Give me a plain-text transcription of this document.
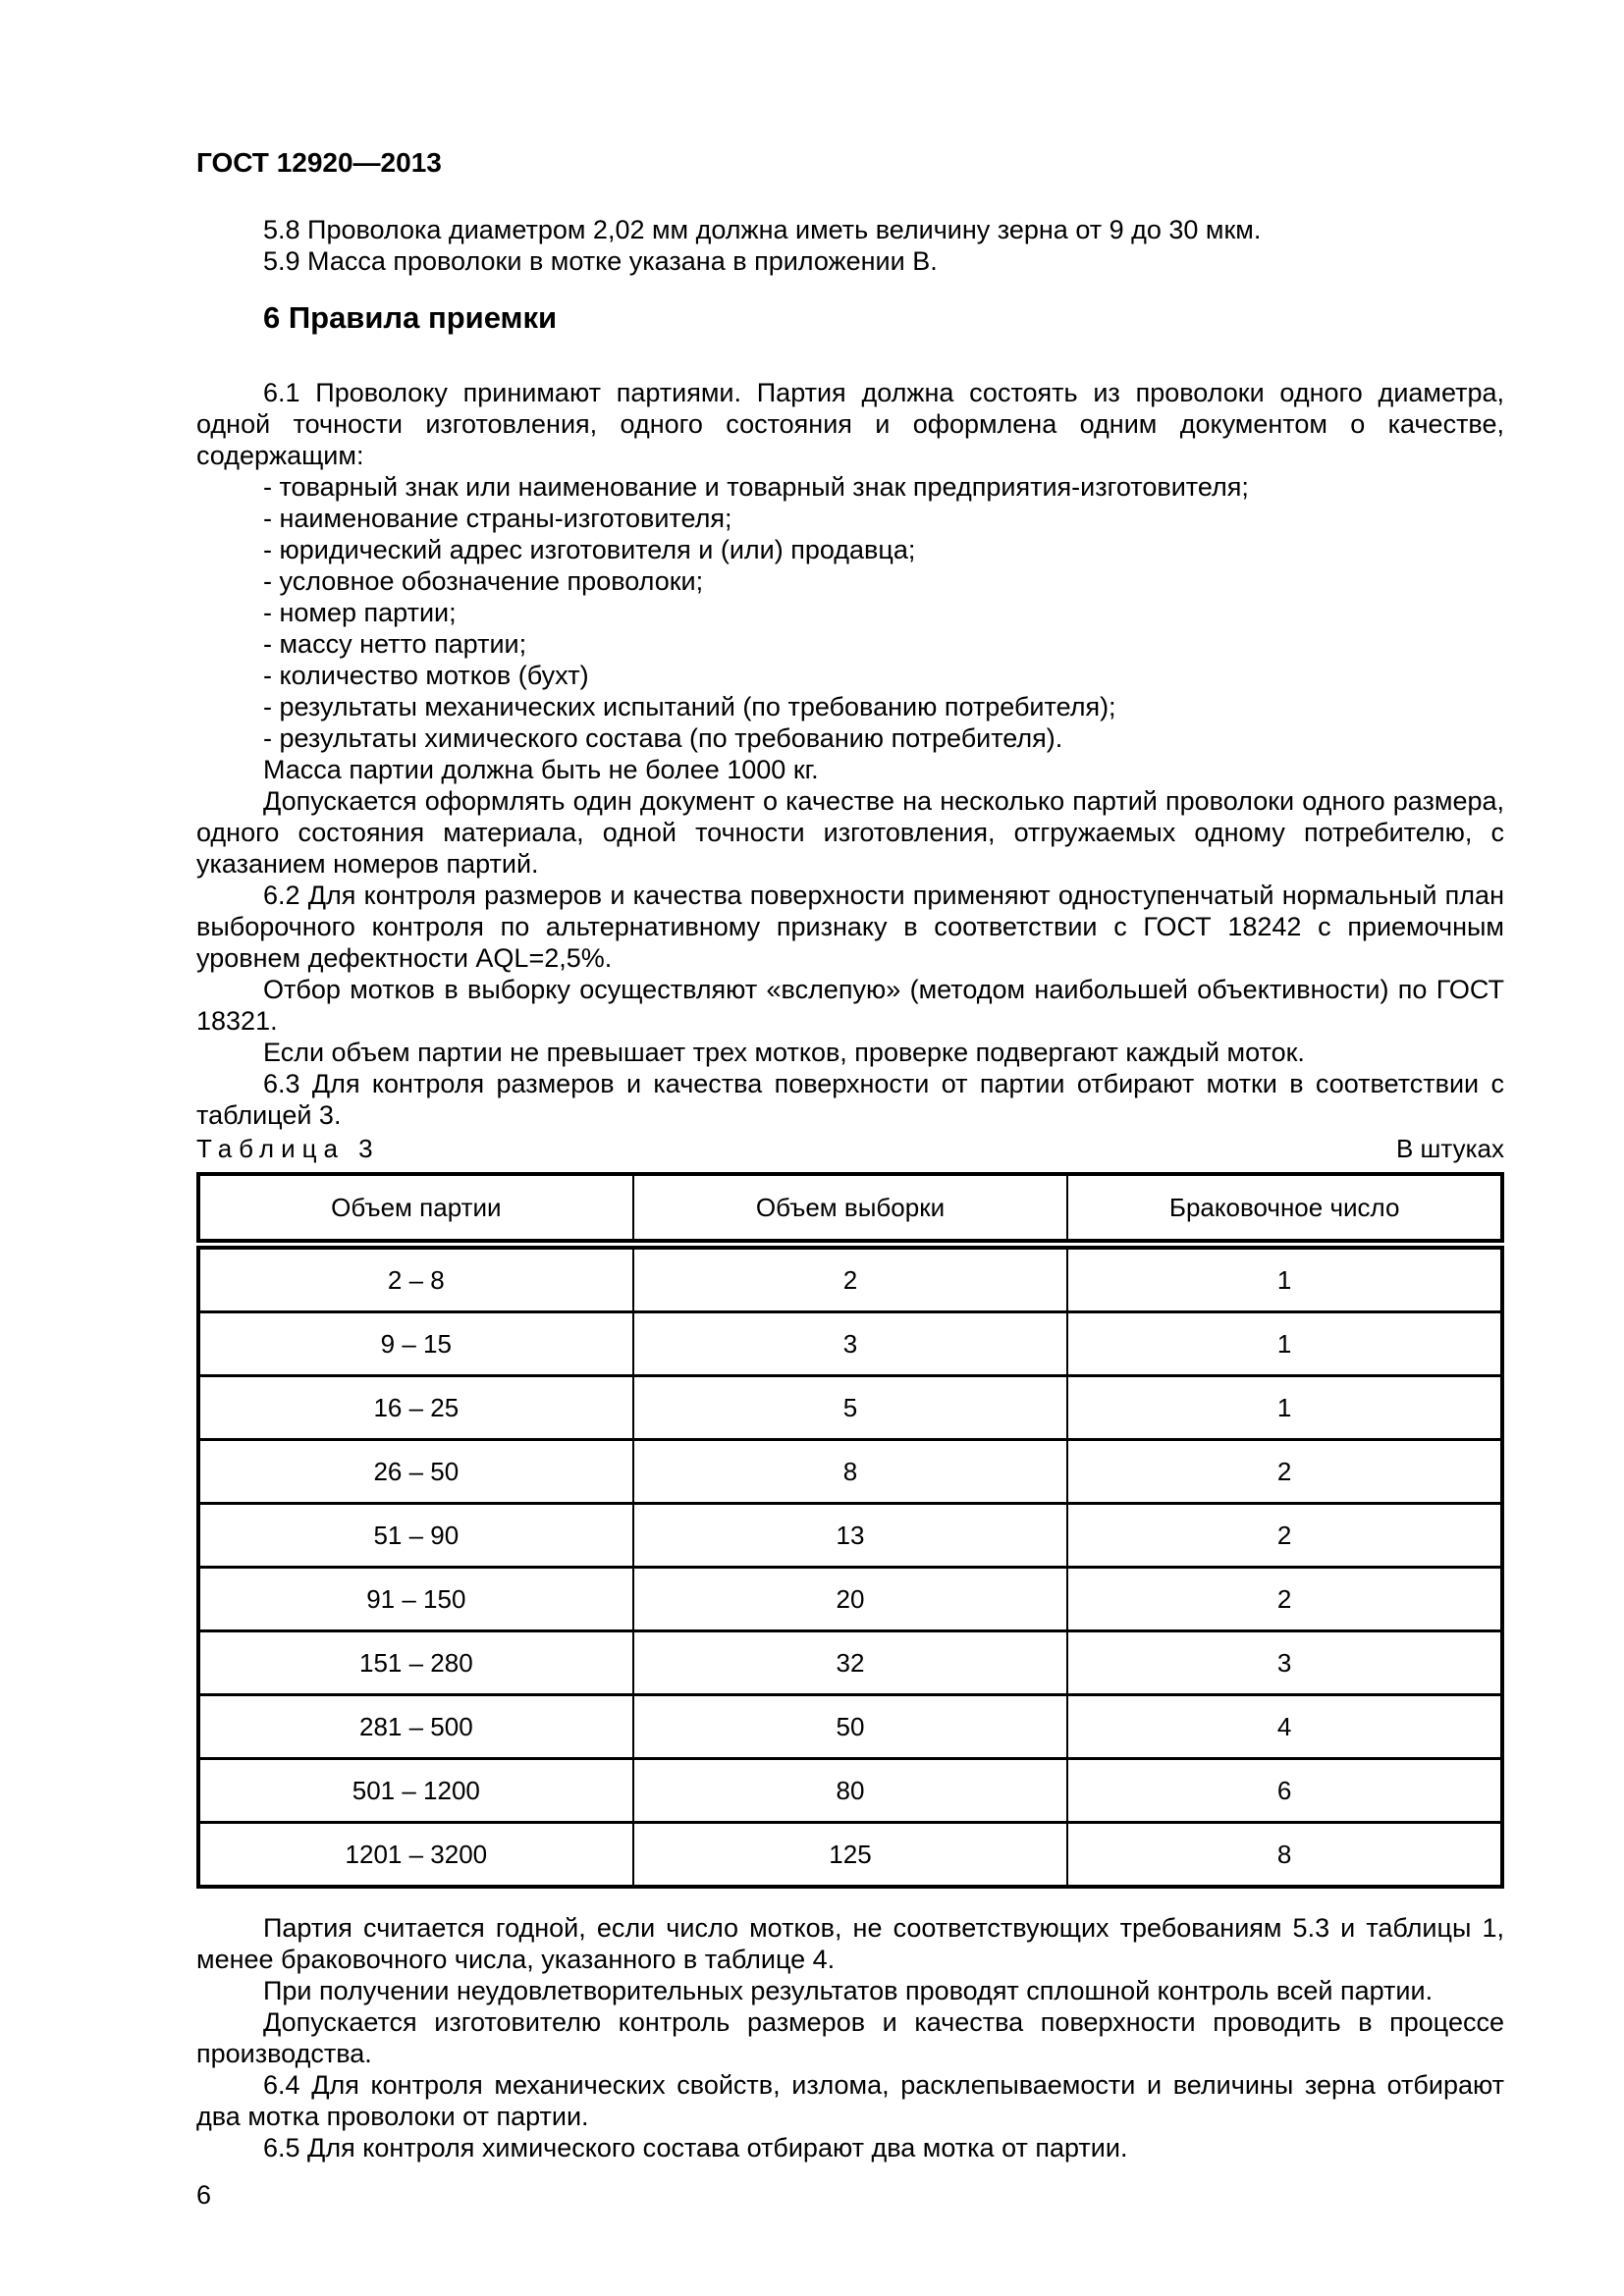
ГОСТ 12920—2013

5.8 Проволока диаметром 2,02 мм должна иметь величину зерна от 9 до 30 мкм.

5.9 Масса проволоки в мотке указана в приложении В.

6 Правила приемки

6.1 Проволоку принимают партиями. Партия должна состоять из проволоки одного диаметра, одной точности изготовления, одного состояния и оформлена одним документом о качестве, содержащим:

- товарный знак или наименование и товарный знак предприятия-изготовителя;
- наименование страны-изготовителя;
- юридический адрес изготовителя и (или) продавца;
- условное обозначение проволоки;
- номер партии;
- массу нетто партии;
- количество мотков (бухт)
- результаты механических испытаний (по требованию потребителя);
- результаты химического состава (по требованию потребителя).

Масса партии должна быть не более 1000 кг.

Допускается оформлять один документ о качестве на несколько партий проволоки одного размера, одного состояния материала, одной точности изготовления, отгружаемых одному потребителю, с указанием номеров партий.

6.2 Для контроля размеров и качества поверхности применяют одноступенчатый нормальный план выборочного контроля по альтернативному признаку в соответствии с ГОСТ 18242 с приемочным уровнем дефектности AQL=2,5%.

Отбор мотков в выборку осуществляют «вслепую» (методом наибольшей объективности) по ГОСТ 18321.

Если объем партии не превышает трех мотков, проверке подвергают каждый моток.

6.3 Для контроля размеров и качества поверхности от партии отбирают мотки в соответствии с таблицей 3.

Таблица 3	В штуках
Объем партии	Объем выборки	Браковочное число
2 – 8	2	1
9 – 15	3	1
16 – 25	5	1
26 – 50	8	2
51 – 90	13	2
91 – 150	20	2
151 – 280	32	3
281 – 500	50	4
501 – 1200	80	6
1201 – 3200	125	8

Партия считается годной, если число мотков, не соответствующих требованиям 5.3 и таблицы 1, менее браковочного числа, указанного в таблице 4.

При получении неудовлетворительных результатов проводят сплошной контроль всей партии.

Допускается изготовителю контроль размеров и качества поверхности проводить в процессе производства.

6.4 Для контроля механических свойств, излома, расклепываемости и величины зерна отбирают два мотка проволоки от партии.

6.5 Для контроля химического состава отбирают два мотка от партии.

6
